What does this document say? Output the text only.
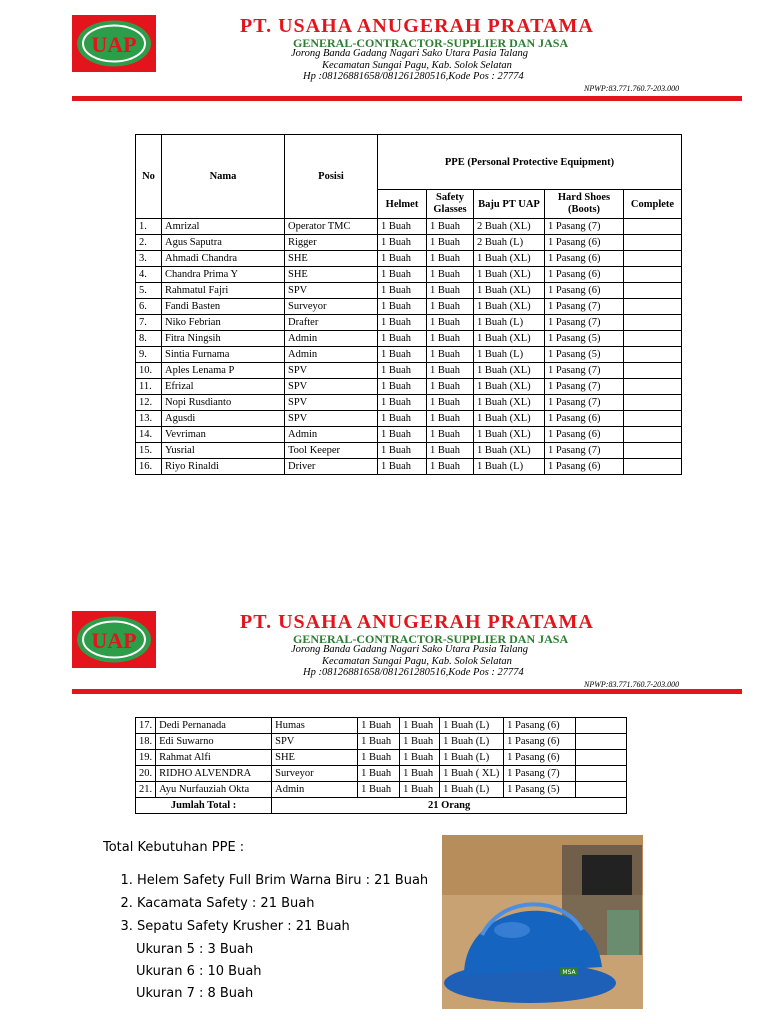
UAP
PT. USAHA ANUGERAH PRATAMA
GENERAL-CONTRACTOR-SUPPLIER DAN JASA
Jorong Banda Gadang Nagari Sako Utara Pasia Talang
Kecamatan Sungai Pagu, Kab. Solok Selatan
Hp :08126881658/081261280516,Kode Pos : 27774
NPWP:83.771.760.7-203.000
No	Nama	Posisi	PPE (Personal Protective Equipment)				
			Helmet	Safety Glasses	Baju PT UAP	Hard Shoes (Boots)	Complete
1.	Amrizal	Operator TMC	1 Buah	1 Buah	2 Buah (XL)	1 Pasang (7)	
2.	Agus Saputra	Rigger	1 Buah	1 Buah	2 Buah (L)	1 Pasang (6)	
3.	Ahmadi Chandra	SHE	1 Buah	1 Buah	1 Buah (XL)	1 Pasang (6)	
4.	Chandra Prima Y	SHE	1 Buah	1 Buah	1 Buah (XL)	1 Pasang (6)	
5.	Rahmatul Fajri	SPV	1 Buah	1 Buah	1 Buah (XL)	1 Pasang (6)	
6.	Fandi Basten	Surveyor	1 Buah	1 Buah	1 Buah (XL)	1 Pasang (7)	
7.	Niko Febrian	Drafter	1 Buah	1 Buah	1 Buah (L)	1 Pasang (7)	
8.	Fitra Ningsih	Admin	1 Buah	1 Buah	1 Buah (XL)	1 Pasang (5)	
9.	Sintia Furnama	Admin	1 Buah	1 Buah	1 Buah (L)	1 Pasang (5)	
10.	Aples Lenama P	SPV	1 Buah	1 Buah	1 Buah (XL)	1 Pasang (7)	
11.	Efrizal	SPV	1 Buah	1 Buah	1 Buah (XL)	1 Pasang (7)	
12.	Nopi Rusdianto	SPV	1 Buah	1 Buah	1 Buah (XL)	1 Pasang (7)	
13.	Agusdi	SPV	1 Buah	1 Buah	1 Buah (XL)	1 Pasang (6)	
14.	Vevriman	Admin	1 Buah	1 Buah	1 Buah (XL)	1 Pasang (6)	
15.	Yusrial	Tool Keeper	1 Buah	1 Buah	1 Buah (XL)	1 Pasang (7)	
16.	Riyo Rinaldi	Driver	1 Buah	1 Buah	1 Buah (L)	1 Pasang (6)	
UAP
PT. USAHA ANUGERAH PRATAMA
GENERAL-CONTRACTOR-SUPPLIER DAN JASA
Jorong Banda Gadang Nagari Sako Utara Pasia Talang
Kecamatan Sungai Pagu, Kab. Solok Selatan
Hp :08126881658/081261280516,Kode Pos : 27774
NPWP:83.771.760.7-203.000
17.	Dedi Pernanada	Humas	1 Buah	1 Buah	1 Buah (L)	1 Pasang (6)	
18.	Edi Suwarno	SPV	1 Buah	1 Buah	1 Buah (L)	1 Pasang (6)	
19.	Rahmat Alfi	SHE	1 Buah	1 Buah	1 Buah (L)	1 Pasang (6)	
20.	RIDHO ALVENDRA	Surveyor	1 Buah	1 Buah	1 Buah ( XL)	1 Pasang (7)	
21.	Ayu Nurfauziah Okta	Admin	1 Buah	1 Buah	1 Buah (L)	1 Pasang (5)	
Jumlah Total :		21 Orang					
Total Kebutuhan PPE :
1. Helem Safety Full Brim Warna Biru : 21 Buah
2. Kacamata Safety : 21 Buah
3. Sepatu Safety Krusher : 21 Buah
Ukuran 5 : 3 Buah
Ukuran 6 : 10 Buah
Ukuran 7 : 8 Buah
MSA
